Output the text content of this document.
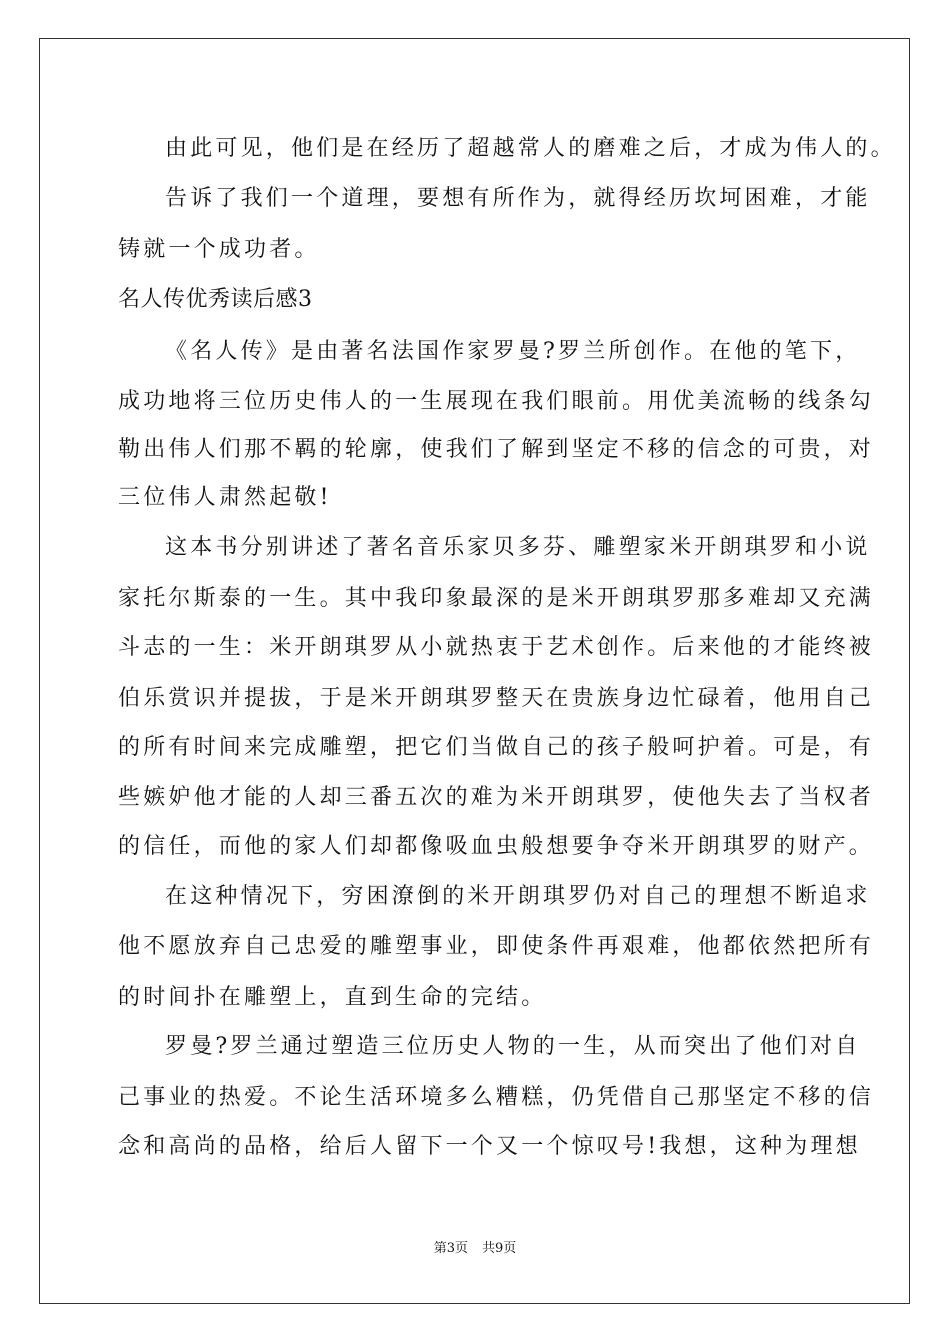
由此可见，他们是在经历了超越常人的磨难之后，才成为伟人的。
告诉了我们一个道理，要想有所作为，就得经历坎坷困难，才能
铸就一个成功者。
名人传优秀读后感3
《名人传》是由著名法国作家罗曼?罗兰所创作。在他的笔下，
成功地将三位历史伟人的一生展现在我们眼前。用优美流畅的线条勾
勒出伟人们那不羁的轮廓，使我们了解到坚定不移的信念的可贵，对
三位伟人肃然起敬!
这本书分别讲述了著名音乐家贝多芬、雕塑家米开朗琪罗和小说
家托尔斯泰的一生。其中我印象最深的是米开朗琪罗那多难却又充满
斗志的一生：米开朗琪罗从小就热衷于艺术创作。后来他的才能终被
伯乐赏识并提拔，于是米开朗琪罗整天在贵族身边忙碌着，他用自己
的所有时间来完成雕塑，把它们当做自己的孩子般呵护着。可是，有
些嫉妒他才能的人却三番五次的难为米开朗琪罗，使他失去了当权者
的信任，而他的家人们却都像吸血虫般想要争夺米开朗琪罗的财产。
在这种情况下，穷困潦倒的米开朗琪罗仍对自己的理想不断追求
他不愿放弃自己忠爱的雕塑事业，即使条件再艰难，他都依然把所有
的时间扑在雕塑上，直到生命的完结。
罗曼?罗兰通过塑造三位历史人物的一生，从而突出了他们对自
己事业的热爱。不论生活环境多么糟糕，仍凭借自己那坚定不移的信
念和高尚的品格，给后人留下一个又一个惊叹号!我想，这种为理想
第3页 共9页
